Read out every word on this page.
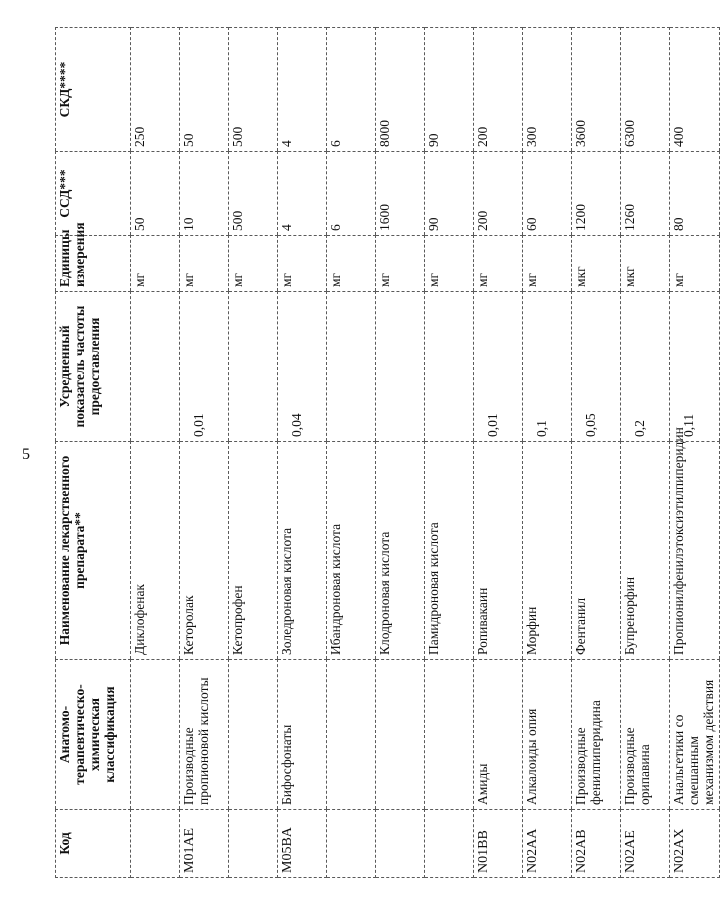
5
Код	Анатомо-терапевтическо-химическая классификация	Наименование лекарственного препарата**	Усредненный показатель частоты предоставления	Единицы измерения	ССД***	СКД****
		Диклофенак		мг	50	250
M01AE	Производные пропионовой кислоты	Кеторолак	0,01	мг	10	50
		Кетопрофен		мг	500	500
M05BA	Бифосфонаты	Золедроновая кислота	0,04	мг	4	4
		Ибандроновая кислота		мг	6	6
		Клодроновая кислота		мг	1600	8000
		Памидроновая кислота		мг	90	90
N01BB	Амиды	Ропивакаин	0,01	мг	200	200
N02AA	Алкалоиды опия	Морфин	0,1	мг	60	300
N02AB	Производные фенилпиперидина	Фентанил	0,05	мкг	1200	3600
N02AE	Производные орипавина	Бупренорфин	0,2	мкг	1260	6300
N02AX	Анальгетики со смешанным механизмом действия	Пропионилфенилэтоксиэтилпиперидин	0,11	мг	80	400
